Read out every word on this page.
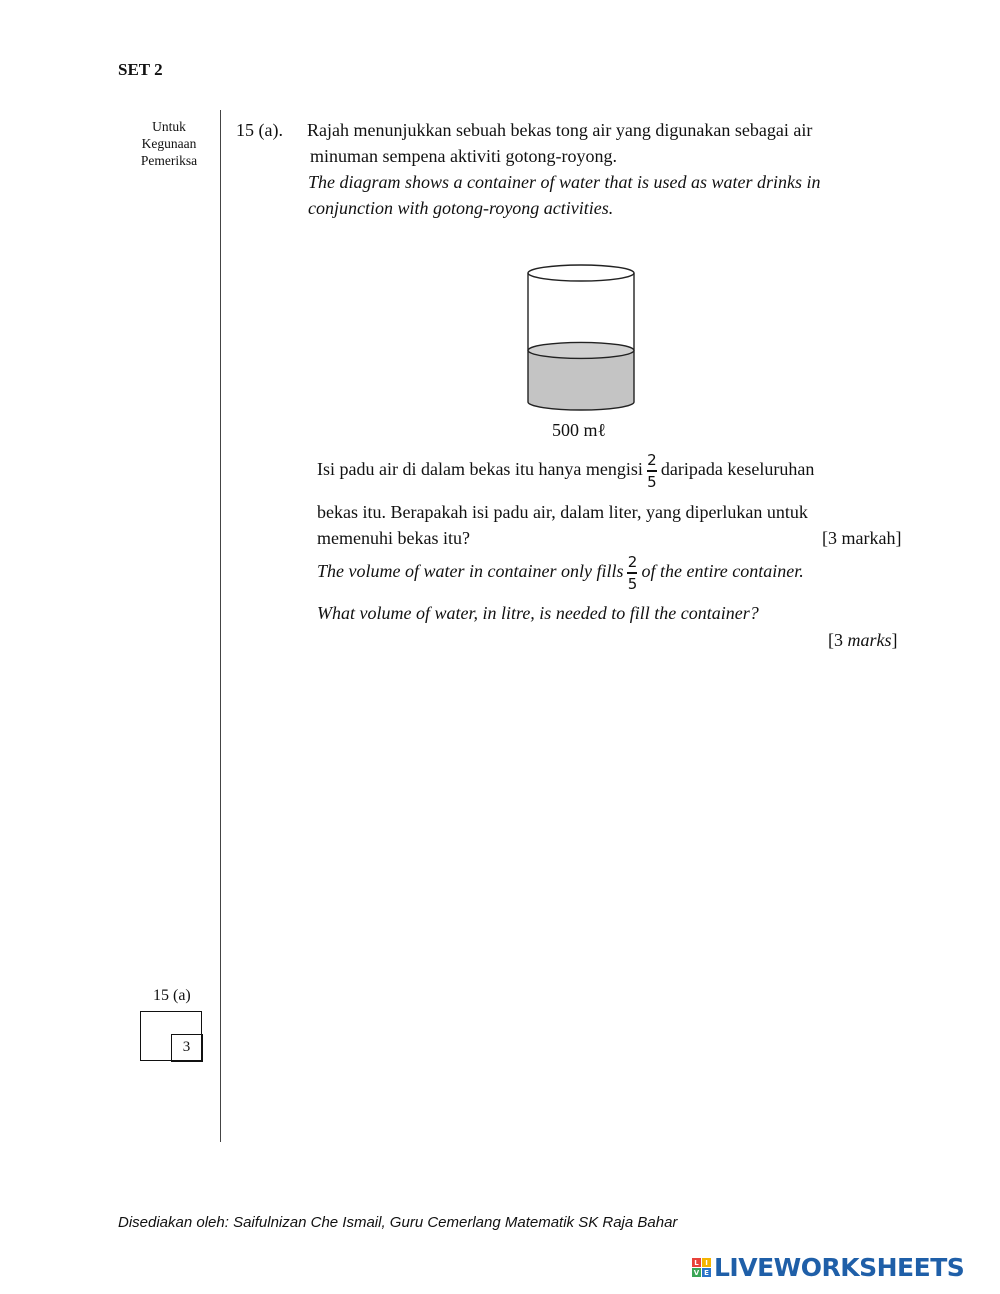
SET 2
Untuk
Kegunaan
Pemeriksa
15 (a). Rajah menunjukkan sebuah bekas tong air yang digunakan sebagai air
minuman sempena aktiviti gotong-royong.
The diagram shows a container of water that is used as water drinks in
conjunction with gotong-royong activities.
500 mℓ
Isi padu air di dalam bekas itu hanya mengisi $\frac{2}{5}$ daripada keseluruhan
bekas itu. Berapakah isi padu air, dalam liter, yang diperlukan untuk
memenuhi bekas itu?	[3 markah]
The volume of water in container only fills $\frac{2}{5}$ of the entire container.
What volume of water, in litre, is needed to fill the container?
[3 marks]
15 (a)
3
Disediakan oleh: Saifulnizan Che Ismail, Guru Cemerlang Matematik SK Raja Bahar
L I
V E LIVEWORKSHEETS
